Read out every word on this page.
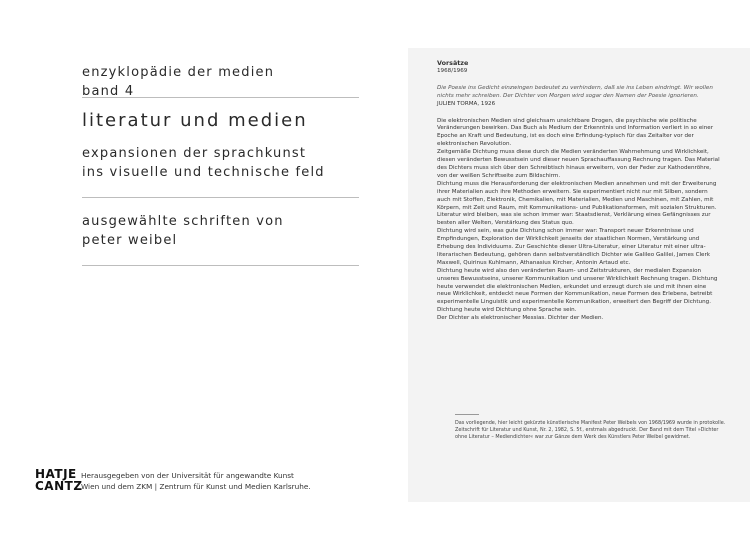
enzyklopädie der medien
band 4
literatur und medien
expansionen der sprachkunst
ins visuelle und technische feld
ausgewählte schriften von
peter weibel
HATJE
CANTZ
Herausgegeben von der Universität für angewandte Kunst Wien und dem ZKM | Zentrum für Kunst und Medien Karlsruhe.

Vorsätze

1968/1969

Die Poesie ins Gedicht einzwingen bedeutet zu verhindern, daß sie ins Leben eindringt. Wir wollen nichts mehr schreiben. Der Dichter von Morgen wird sogar den Namen der Poesie ignorieren.

JULIEN TORMA, 1926

Die elektronischen Medien sind gleichsam unsichtbare Drogen, die psychische wie politische Veränderungen bewirken. Das Buch als Medium der Erkenntnis und Information verliert in so einer Epoche an Kraft und Bedeutung, ist es doch eine Erfindung-typisch für das Zeitalter vor der elektronischen Revolution.

Zeitgemäße Dichtung muss diese durch die Medien veränderten Wahrnehmung und Wirklichkeit, diesen veränderten Bewusstsein und dieser neuen Sprachauffassung Rechnung tragen. Das Material des Dichters muss sich über den Schreibtisch hinaus erweitern, von der Feder zur Kathodenröhre, von der weißen Schriftseite zum Bildschirm.

Dichtung muss die Herausforderung der elektronischen Medien annehmen und mit der Erweiterung ihrer Materialien auch ihre Methoden erweitern. Sie experimentiert nicht nur mit Silben, sondern auch mit Stoffen, Elektronik, Chemikalien, mit Materialien, Medien und Maschinen, mit Zahlen, mit Körpern, mit Zeit und Raum, mit Kommunikations- und Publikationsformen, mit sozialen Strukturen.

Literatur wird bleiben, was sie schon immer war: Staatsdienst, Verklärung eines Gefängnisses zur besten aller Welten, Verstärkung des Status quo.

Dichtung wird sein, was gute Dichtung schon immer war: Transport neuer Erkenntnisse und Empfindungen, Exploration der Wirklichkeit jenseits der staatlichen Normen, Verstärkung und Erhebung des Individuums. Zur Geschichte dieser Ultra-Literatur, einer Literatur mit einer ultra-literarischen Bedeutung, gehören dann selbstverständlich Dichter wie Galileo Galilei, James Clerk Maxwell, Quirinus Kuhlmann, Athanasius Kircher, Antonin Artaud etc.

Dichtung heute wird also den veränderten Raum- und Zeitstrukturen, der medialen Expansion unseres Bewusstseins, unserer Kommunikation und unserer Wirklichkeit Rechnung tragen. Dichtung heute verwendet die elektronischen Medien, erkundet und erzeugt durch sie und mit ihnen eine neue Wirklichkeit, entdeckt neue Formen der Kommunikation, neue Formen des Erlebens, betreibt experimentelle Linguistik und experimentelle Kommunikation, erweitert den Begriff der Dichtung.

Dichtung heute wird Dichtung ohne Sprache sein.

Der Dichter als elektronischer Messias. Dichter der Medien.

Das vorliegende, hier leicht gekürzte künstlerische Manifest Peter Weibels von 1968/1969 wurde in protokolle. Zeitschrift für Literatur und Kunst, Nr. 2, 1982, S. 5f., erstmals abgedruckt. Der Band mit dem Titel »Dichter ohne Literatur – Mediendichter« war zur Gänze dem Werk des Künstlers Peter Weibel gewidmet.
